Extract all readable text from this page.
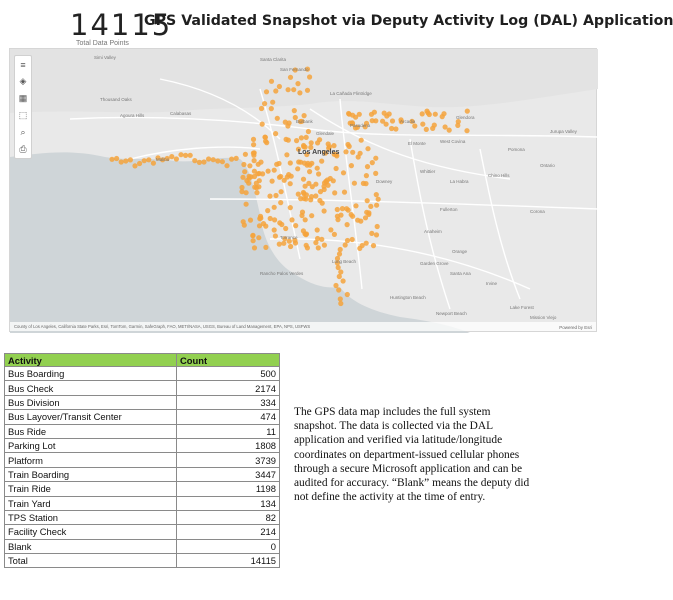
14115
Total Data Points
GPS Validated Snapshot via Deputy Activity Log (DAL) Application
Los Angeles
Pasadena
Burbank
Glendale
La Cañada Flintridge
Arcadia
West Covina
El Monte
Pomona
Chino Hills
Whittier
Downey	La Habra
Fullerton
Anaheim
Orange
Garden Grove
Santa Ana
Irvine
Torrance
Long Beach
Huntington Beach
Lake Forest
Mission Viejo
Santa Clarita
Malibu
Calabasas
Thousand Oaks
Simi Valley
San Fernando
Glendora
Ontario
Corona
Jurupa Valley
Rancho Palos Verdes
Newport Beach
Agoura Hills
≡
◈
▦
⬚
⌕
⎙
County of Los Angeles, California State Parks, Esri, TomTom, Garmin, SafeGraph, FAO, METI/NASA, USGS, Bureau of Land Management, EPA, NPS, USFWS	Powered by Esri
Activity	Count
Bus Boarding	500
Bus Check	2174
Bus Division	334
Bus Layover/Transit Center	474
Bus Ride	11
Parking Lot	1808
Platform	3739
Train Boarding	3447
Train Ride	1198
Train Yard	134
TPS Station	82
Facility Check	214
Blank	0
Total	14115
The GPS data map includes the full system
snapshot. The data is collected via the DAL
application and verified via latitude/longitude
coordinates on department-issued cellular phones
through a secure Microsoft application and can be
audited for accuracy. “Blank” means the deputy did
not define the activity at the time of entry.
